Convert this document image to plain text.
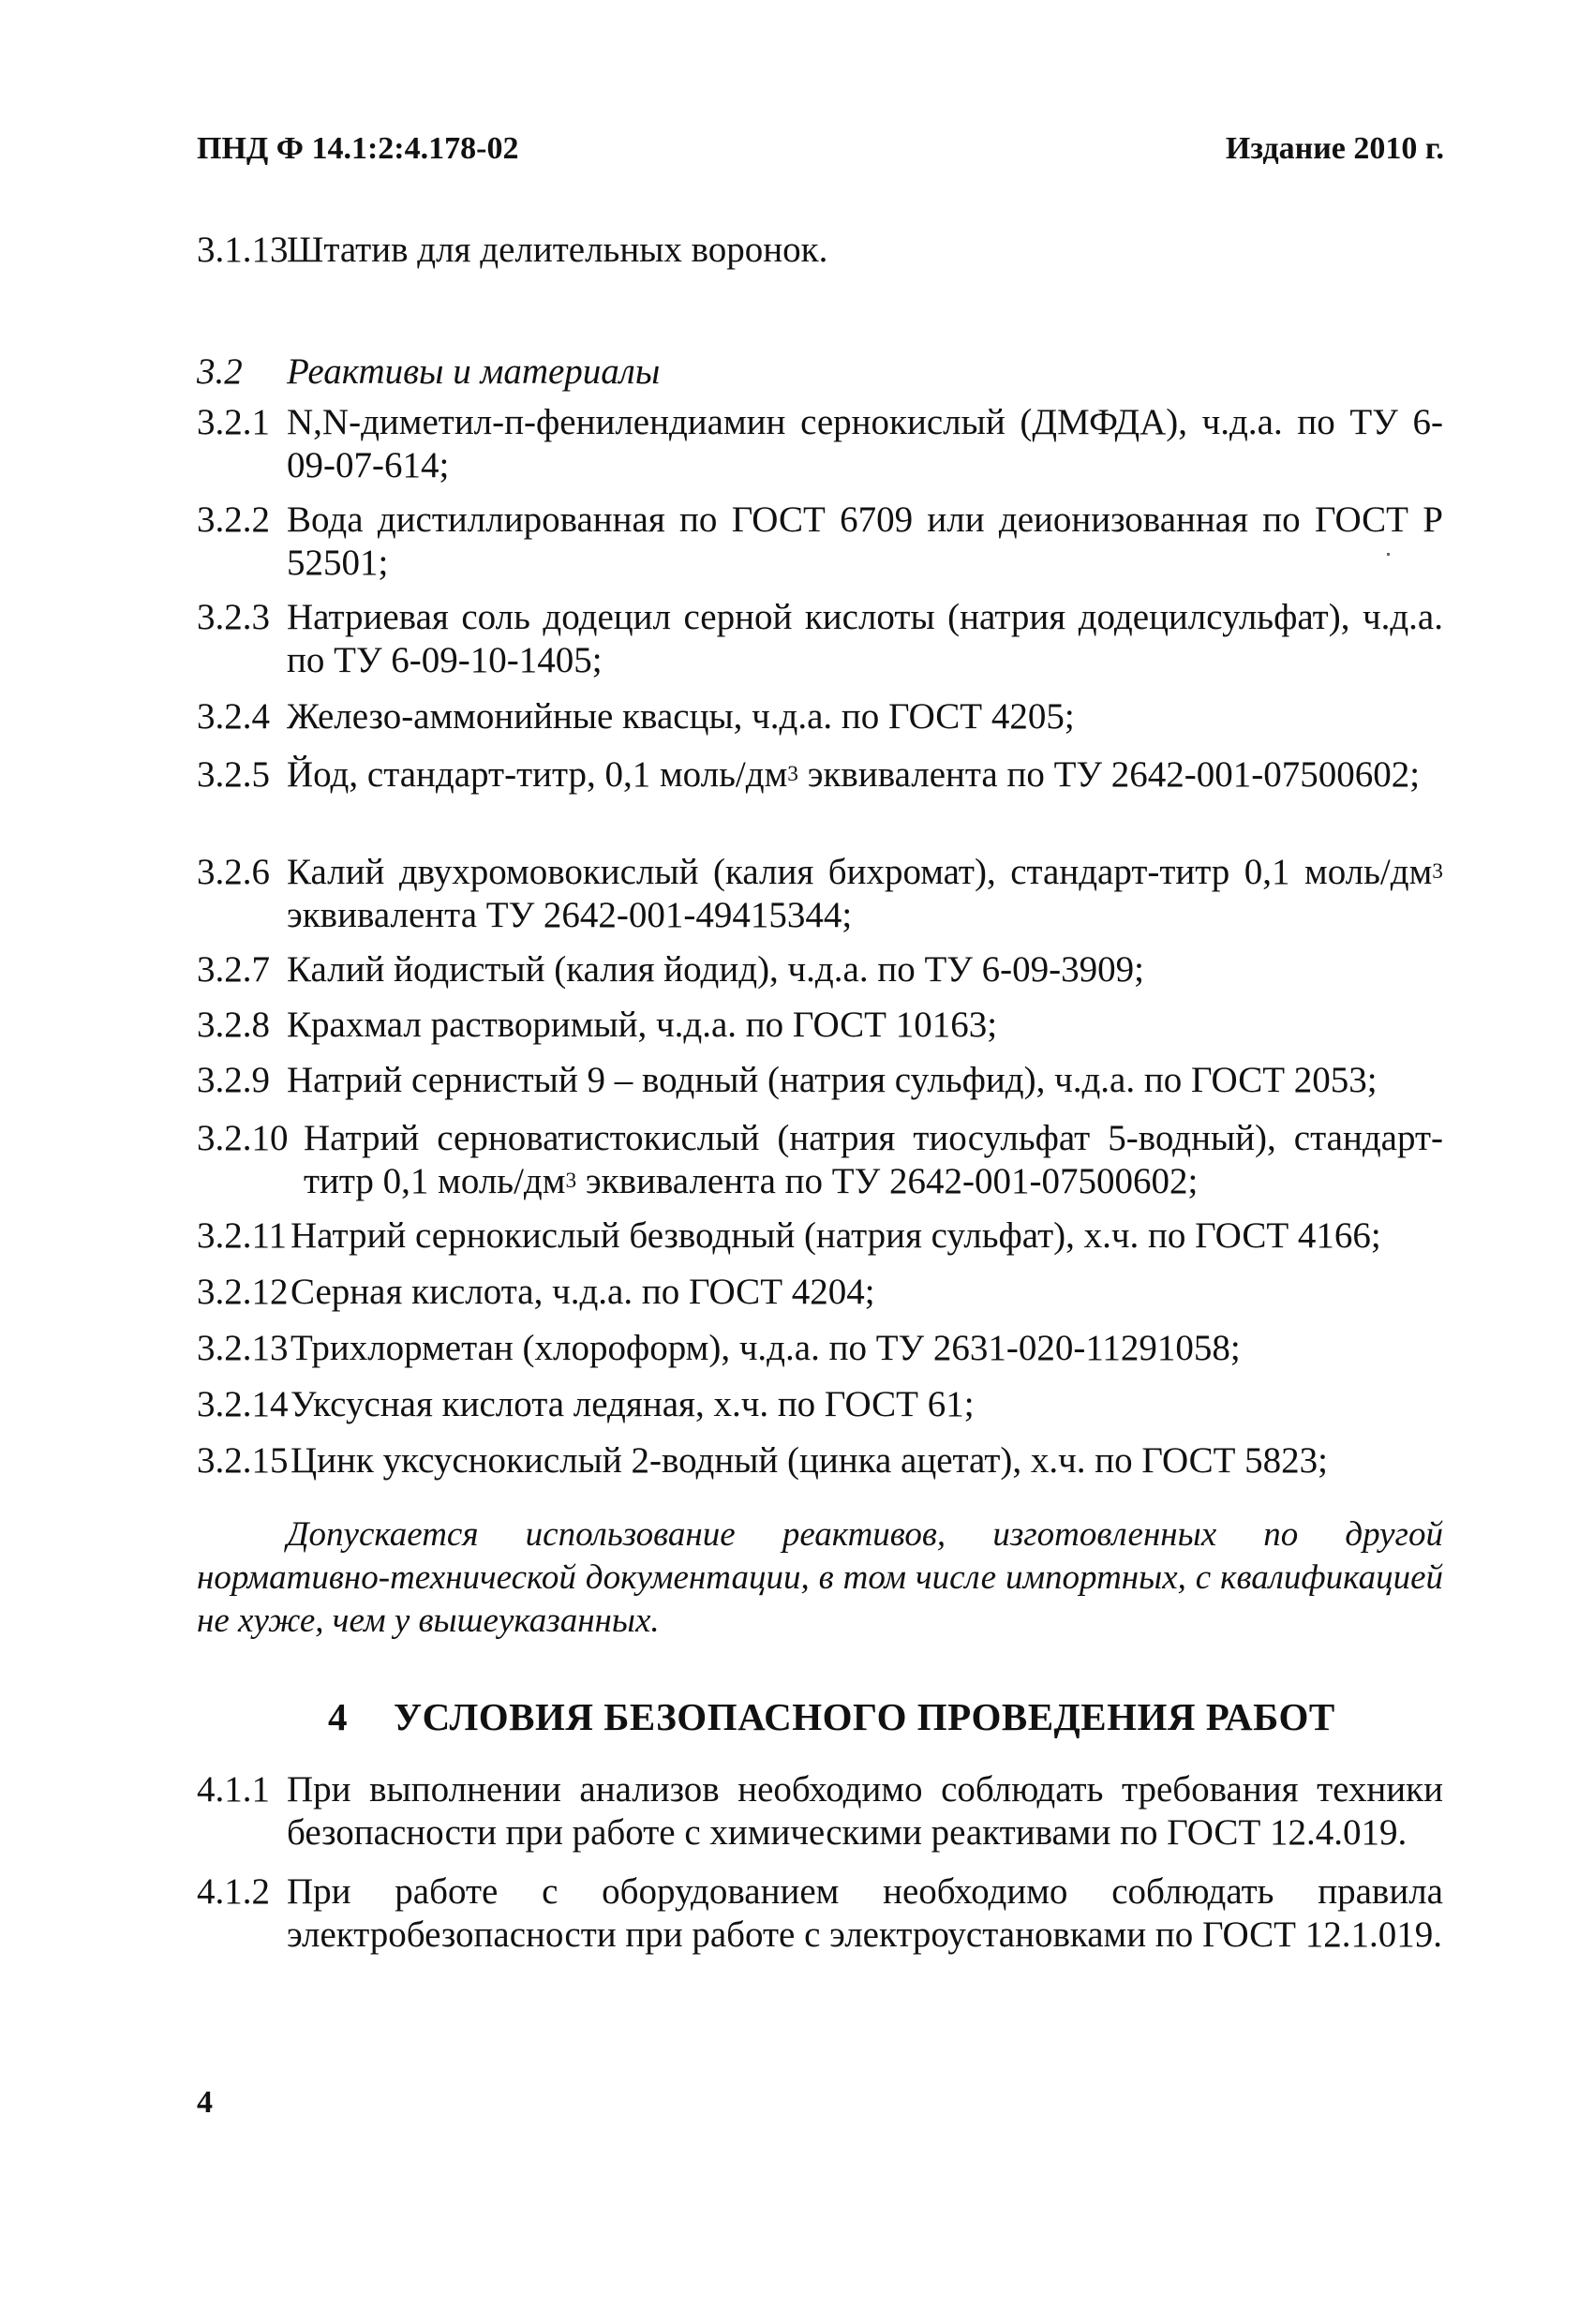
ПНД Ф 14.1:2:4.178-02	Издание 2010 г.
3.1.13
Штатив для делительных воронок.
3.2 Реактивы и материалы
3.2.1 N,N-диметил-п-фенилендиамин сернокислый (ДМФДА), ч.д.а. по ТУ 6-09-07-614;
3.2.2 Вода дистиллированная по ГОСТ 6709 или деионизованная по ГОСТ Р 52501;
3.2.3 Натриевая соль додецил серной кислоты (натрия додецилсульфат), ч.д.а. по ТУ 6-09-10-1405;
3.2.4 Железо-аммонийные квасцы, ч.д.а. по ГОСТ 4205;
3.2.5 Йод, стандарт-титр, 0,1 моль/$дм^3$ эквивалента по ТУ 2642-001-07500602;
3.2.6 Калий двухромовокислый (калия бихромат), стандарт-титр 0,1 моль/$дм^3$ эквивалента ТУ 2642-001-49415344;
3.2.7 Калий йодистый (калия йодид), ч.д.а. по ТУ 6-09-3909;
3.2.8 Крахмал растворимый, ч.д.а. по ГОСТ 10163;
3.2.9 Натрий сернистый 9 – водный (натрия сульфид), ч.д.а. по ГОСТ 2053;
3.2.10 Натрий серноватистокислый (натрия тиосульфат 5-водный), стандарт-титр 0,1 моль/$дм^3$ эквивалента по ТУ 2642-001-07500602;
3.2.11 Натрий сернокислый безводный (натрия сульфат), х.ч. по ГОСТ 4166;
3.2.12 Серная кислота, ч.д.а. по ГОСТ 4204;
3.2.13 Трихлорметан (хлороформ), ч.д.а. по ТУ 2631-020-11291058;
3.2.14 Уксусная кислота ледяная, х.ч. по ГОСТ 61;
3.2.15 Цинк уксуснокислый 2-водный (цинка ацетат), х.ч. по ГОСТ 5823;
Допускается использование реактивов, изготовленных по другой нормативно-технической документации, в том числе импортных, с квалификацией не хуже, чем у вышеуказанных.
4 УСЛОВИЯ БЕЗОПАСНОГО ПРОВЕДЕНИЯ РАБОТ
4.1.1 При выполнении анализов необходимо соблюдать требования техники безопасности при работе с химическими реактивами по ГОСТ 12.4.019.
4.1.2 При работе с оборудованием необходимо соблюдать правила электробезопасности при работе с электроустановками по ГОСТ 12.1.019.
4
